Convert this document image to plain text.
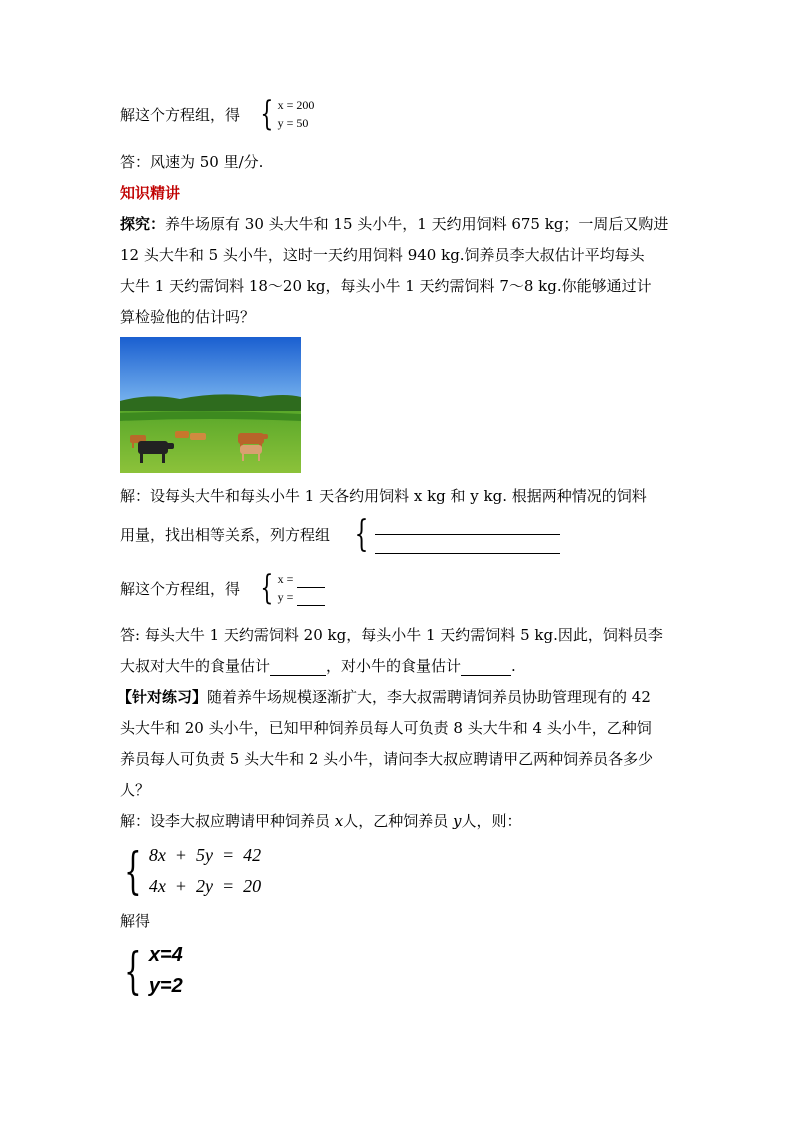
解这个方程组，得 { x = 200
y = 50
答：风速为 50 里/分.
知识精讲
探究：养牛场原有 30 头大牛和 15 头小牛，1 天约用饲料 675 kg；一周后又购进
12 头大牛和 5 头小牛，这时一天约用饲料 940 kg.饲养员李大叔估计平均每头
大牛 1 天约需饲料 18～20 kg，每头小牛 1 天约需饲料 7～8 kg.你能够通过计
算检验他的估计吗？
解：设每头大牛和每头小牛 1 天各约用饲料 x kg 和 y kg. 根据两种情况的饲料
用量，找出相等关系，列方程组 {
解这个方程组，得 { x =
y =
答: 每头大牛 1 天约需饲料 20 kg，每头小牛 1 天约需饲料 5 kg.因此，饲料员李
大叔对大牛的食量估计	，对小牛的食量估计	.
【针对练习】随着养牛场规模逐渐扩大，李大叔需聘请饲养员协助管理现有的 42
头大牛和 20 头小牛，已知甲种饲养员每人可负责 8 头大牛和 4 头小牛，乙种饲
养员每人可负责 5 头大牛和 2 头小牛，请问李大叔应聘请甲乙两种饲养员各多少
人？
解：设李大叔应聘请甲种饲养员 x人，乙种饲养员 y人，则：
{ 8x  +  5y  =  42
4x  +  2y  =  20
解得
{ x=4
y=2
